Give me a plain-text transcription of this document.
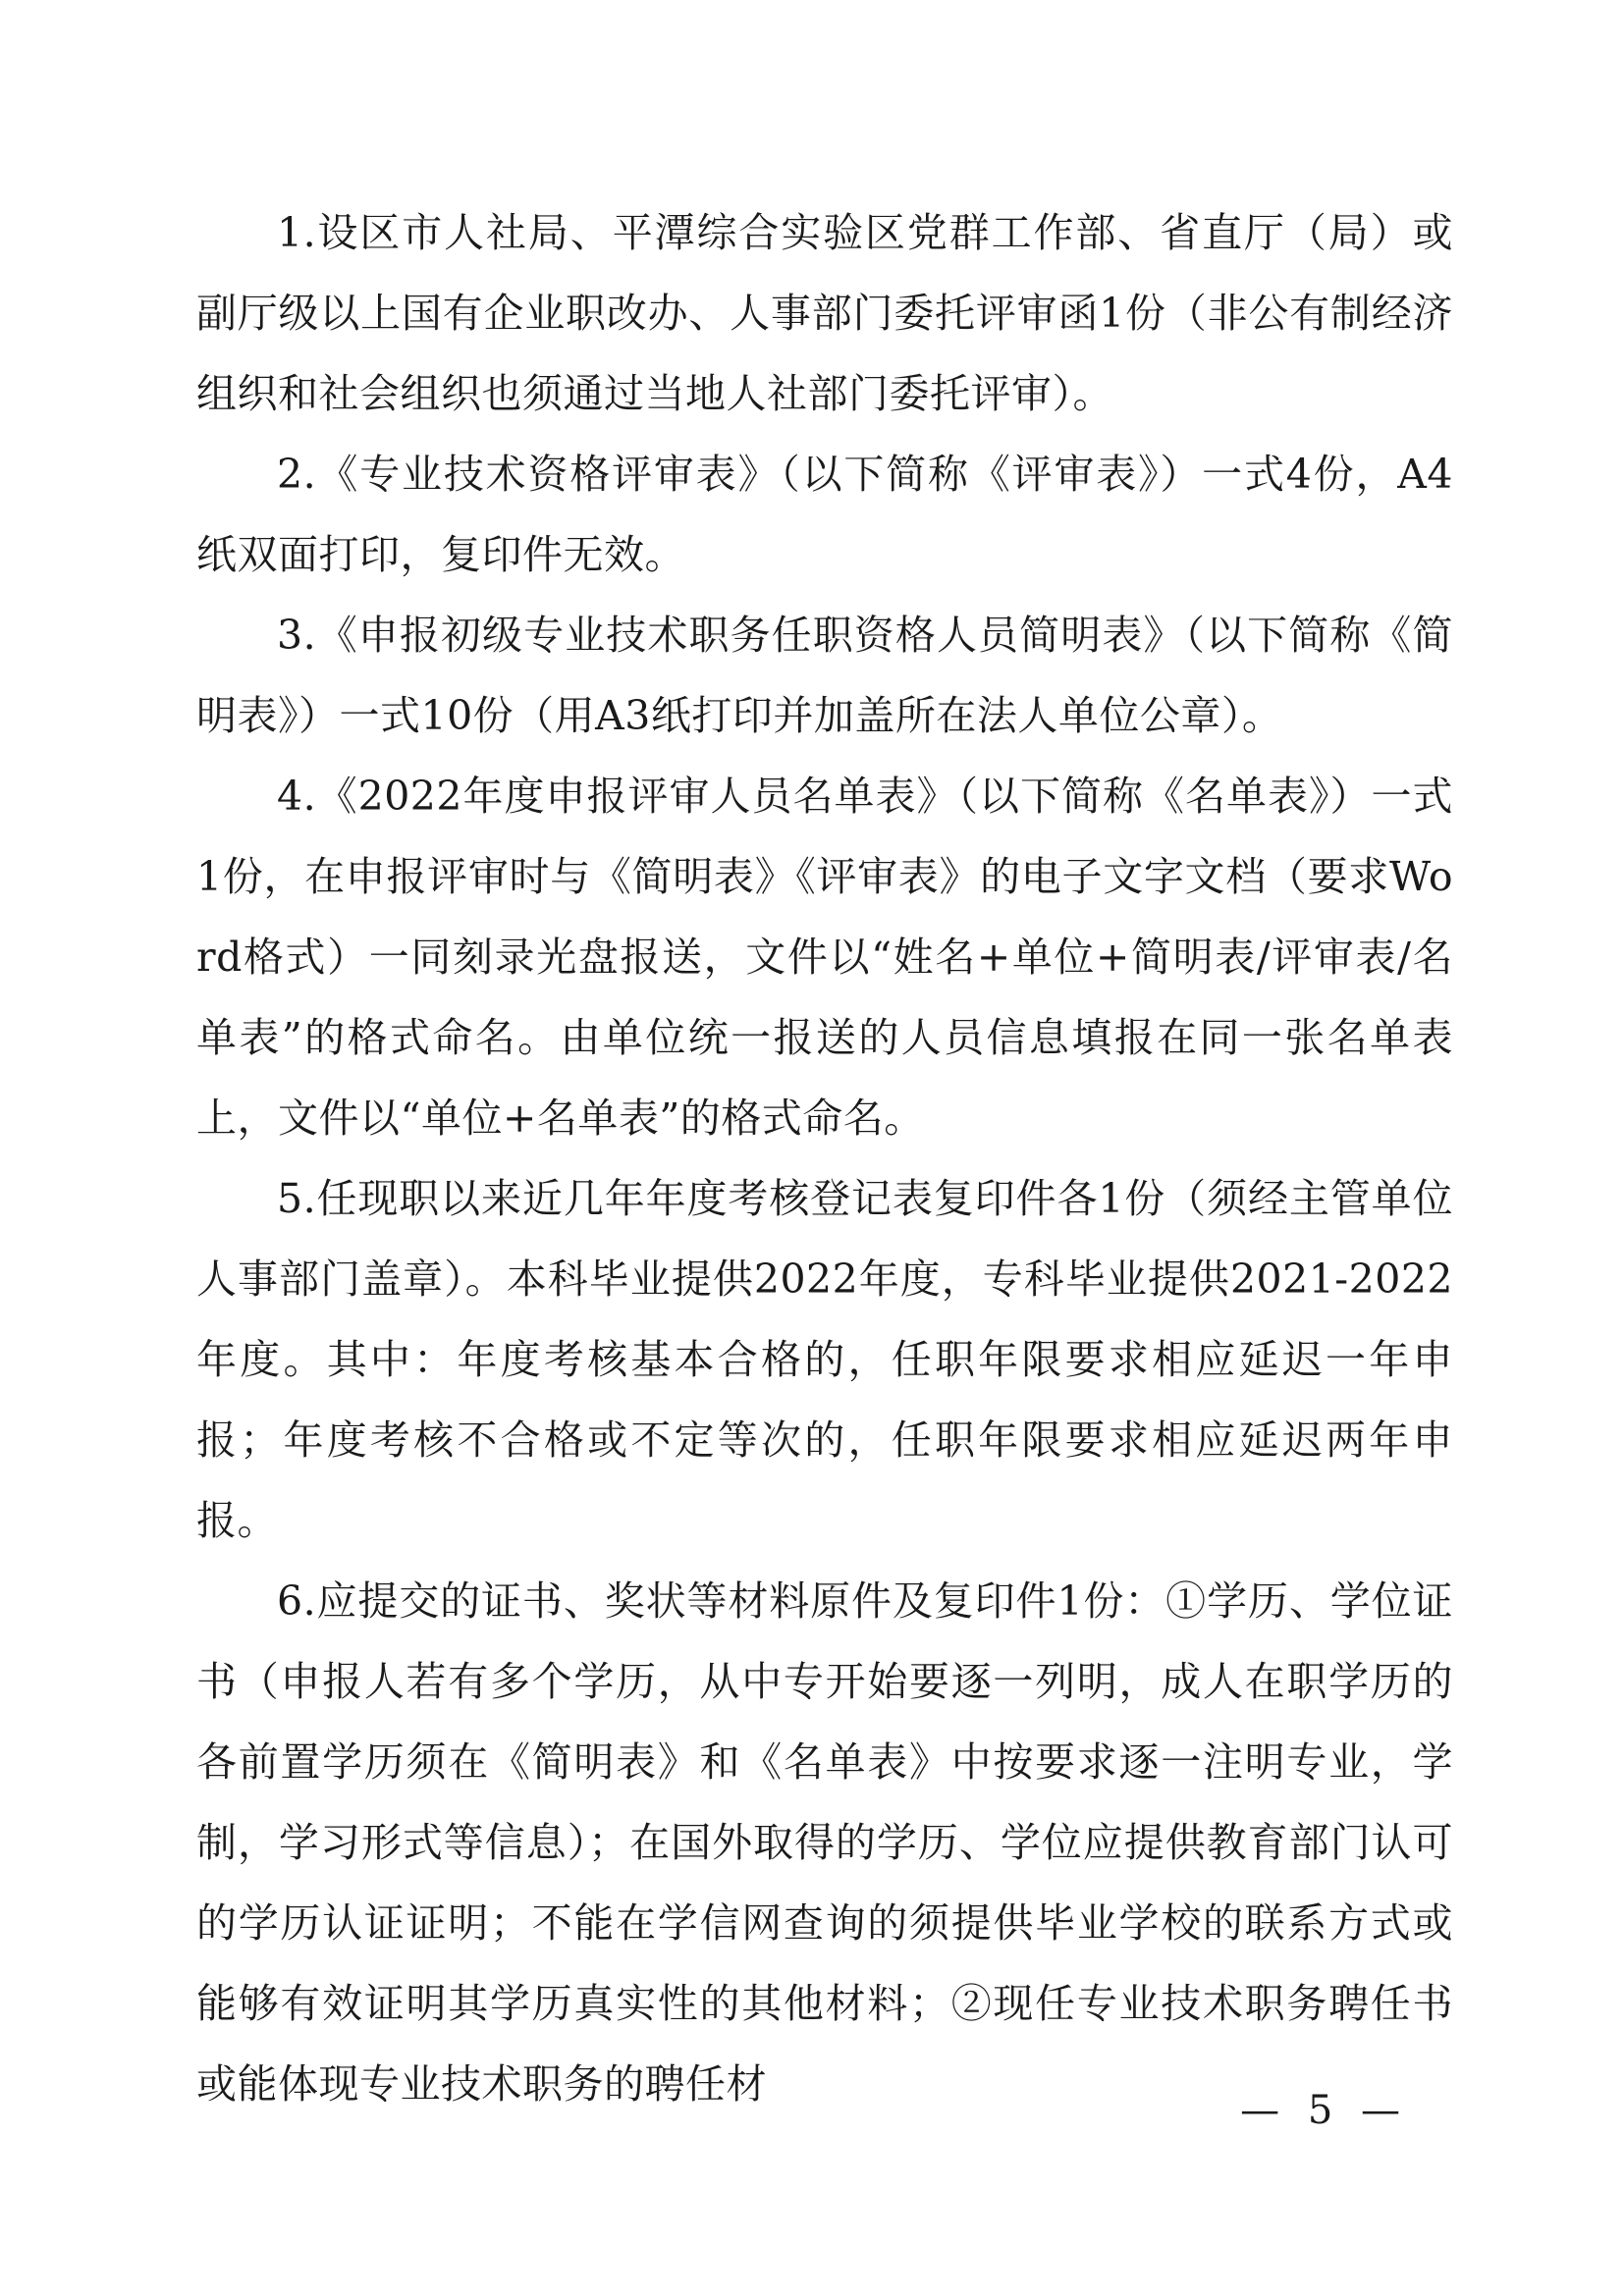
1.设区市人社局、平潭综合实验区党群工作部、省直厅（局）或副厅级以上国有企业职改办、人事部门委托评审函1份（非公有制经济组织和社会组织也须通过当地人社部门委托评审）。

2.《专业技术资格评审表》（以下简称《评审表》）一式4份，A4纸双面打印，复印件无效。

3.《申报初级专业技术职务任职资格人员简明表》（以下简称《简明表》）一式10份（用A3纸打印并加盖所在法人单位公章）。

4.《2022年度申报评审人员名单表》（以下简称《名单表》）一式1份，在申报评审时与《简明表》《评审表》的电子文字文档（要求Word格式）一同刻录光盘报送，文件以“姓名+单位+简明表/评审表/名单表”的格式命名。由单位统一报送的人员信息填报在同一张名单表上，文件以“单位+名单表”的格式命名。

5.任现职以来近几年年度考核登记表复印件各1份（须经主管单位人事部门盖章）。本科毕业提供2022年度，专科毕业提供2021-2022年度。其中：年度考核基本合格的，任职年限要求相应延迟一年申报；年度考核不合格或不定等次的，任职年限要求相应延迟两年申报。

6.应提交的证书、奖状等材料原件及复印件1份：①学历、学位证书（申报人若有多个学历，从中专开始要逐一列明，成人在职学历的各前置学历须在《简明表》和《名单表》中按要求逐一注明专业，学制，学习形式等信息）；在国外取得的学历、学位应提供教育部门认可的学历认证证明；不能在学信网查询的须提供毕业学校的联系方式或能够有效证明其学历真实性的其他材料；②现任专业技术职务聘任书或能体现专业技术职务的聘任材

— 5 —
